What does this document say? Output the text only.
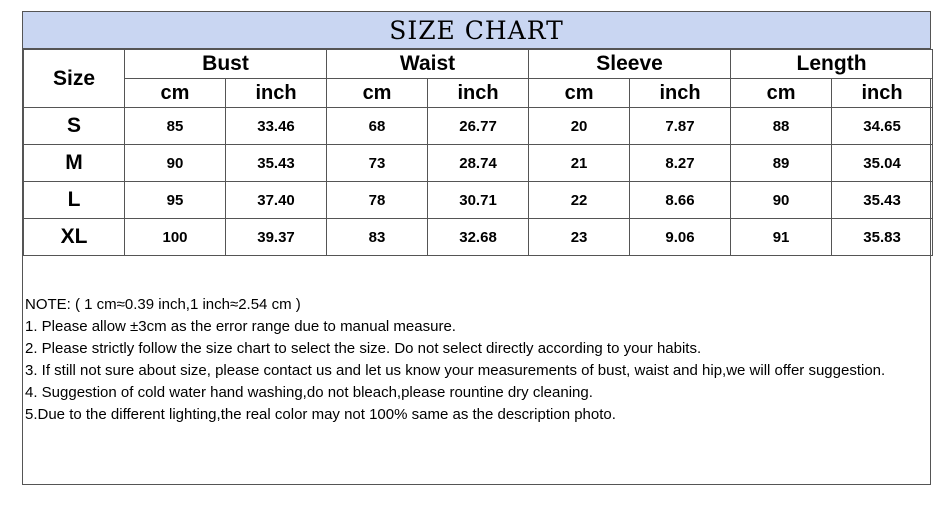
SIZE CHART
Size	Bust		Waist		Sleeve		Length	
	cm	inch	cm	inch	cm	inch	cm	inch
S	85	33.46	68	26.77	20	7.87	88	34.65
M	90	35.43	73	28.74	21	8.27	89	35.04
L	95	37.40	78	30.71	22	8.66	90	35.43
XL	100	39.37	83	32.68	23	9.06	91	35.83
NOTE: ( 1 cm≈0.39 inch,1 inch≈2.54 cm )
1. Please allow ±3cm as the error range due to manual measure.
2. Please strictly follow the size chart to select the size. Do not select directly according to your habits.
3. If still not sure about size, please contact us and let us know your measurements of bust, waist and hip,we will offer suggestion.
4. Suggestion of cold water hand washing,do not bleach,please rountine dry cleaning.
5.Due to the different lighting,the real color may not 100% same as the description photo.
